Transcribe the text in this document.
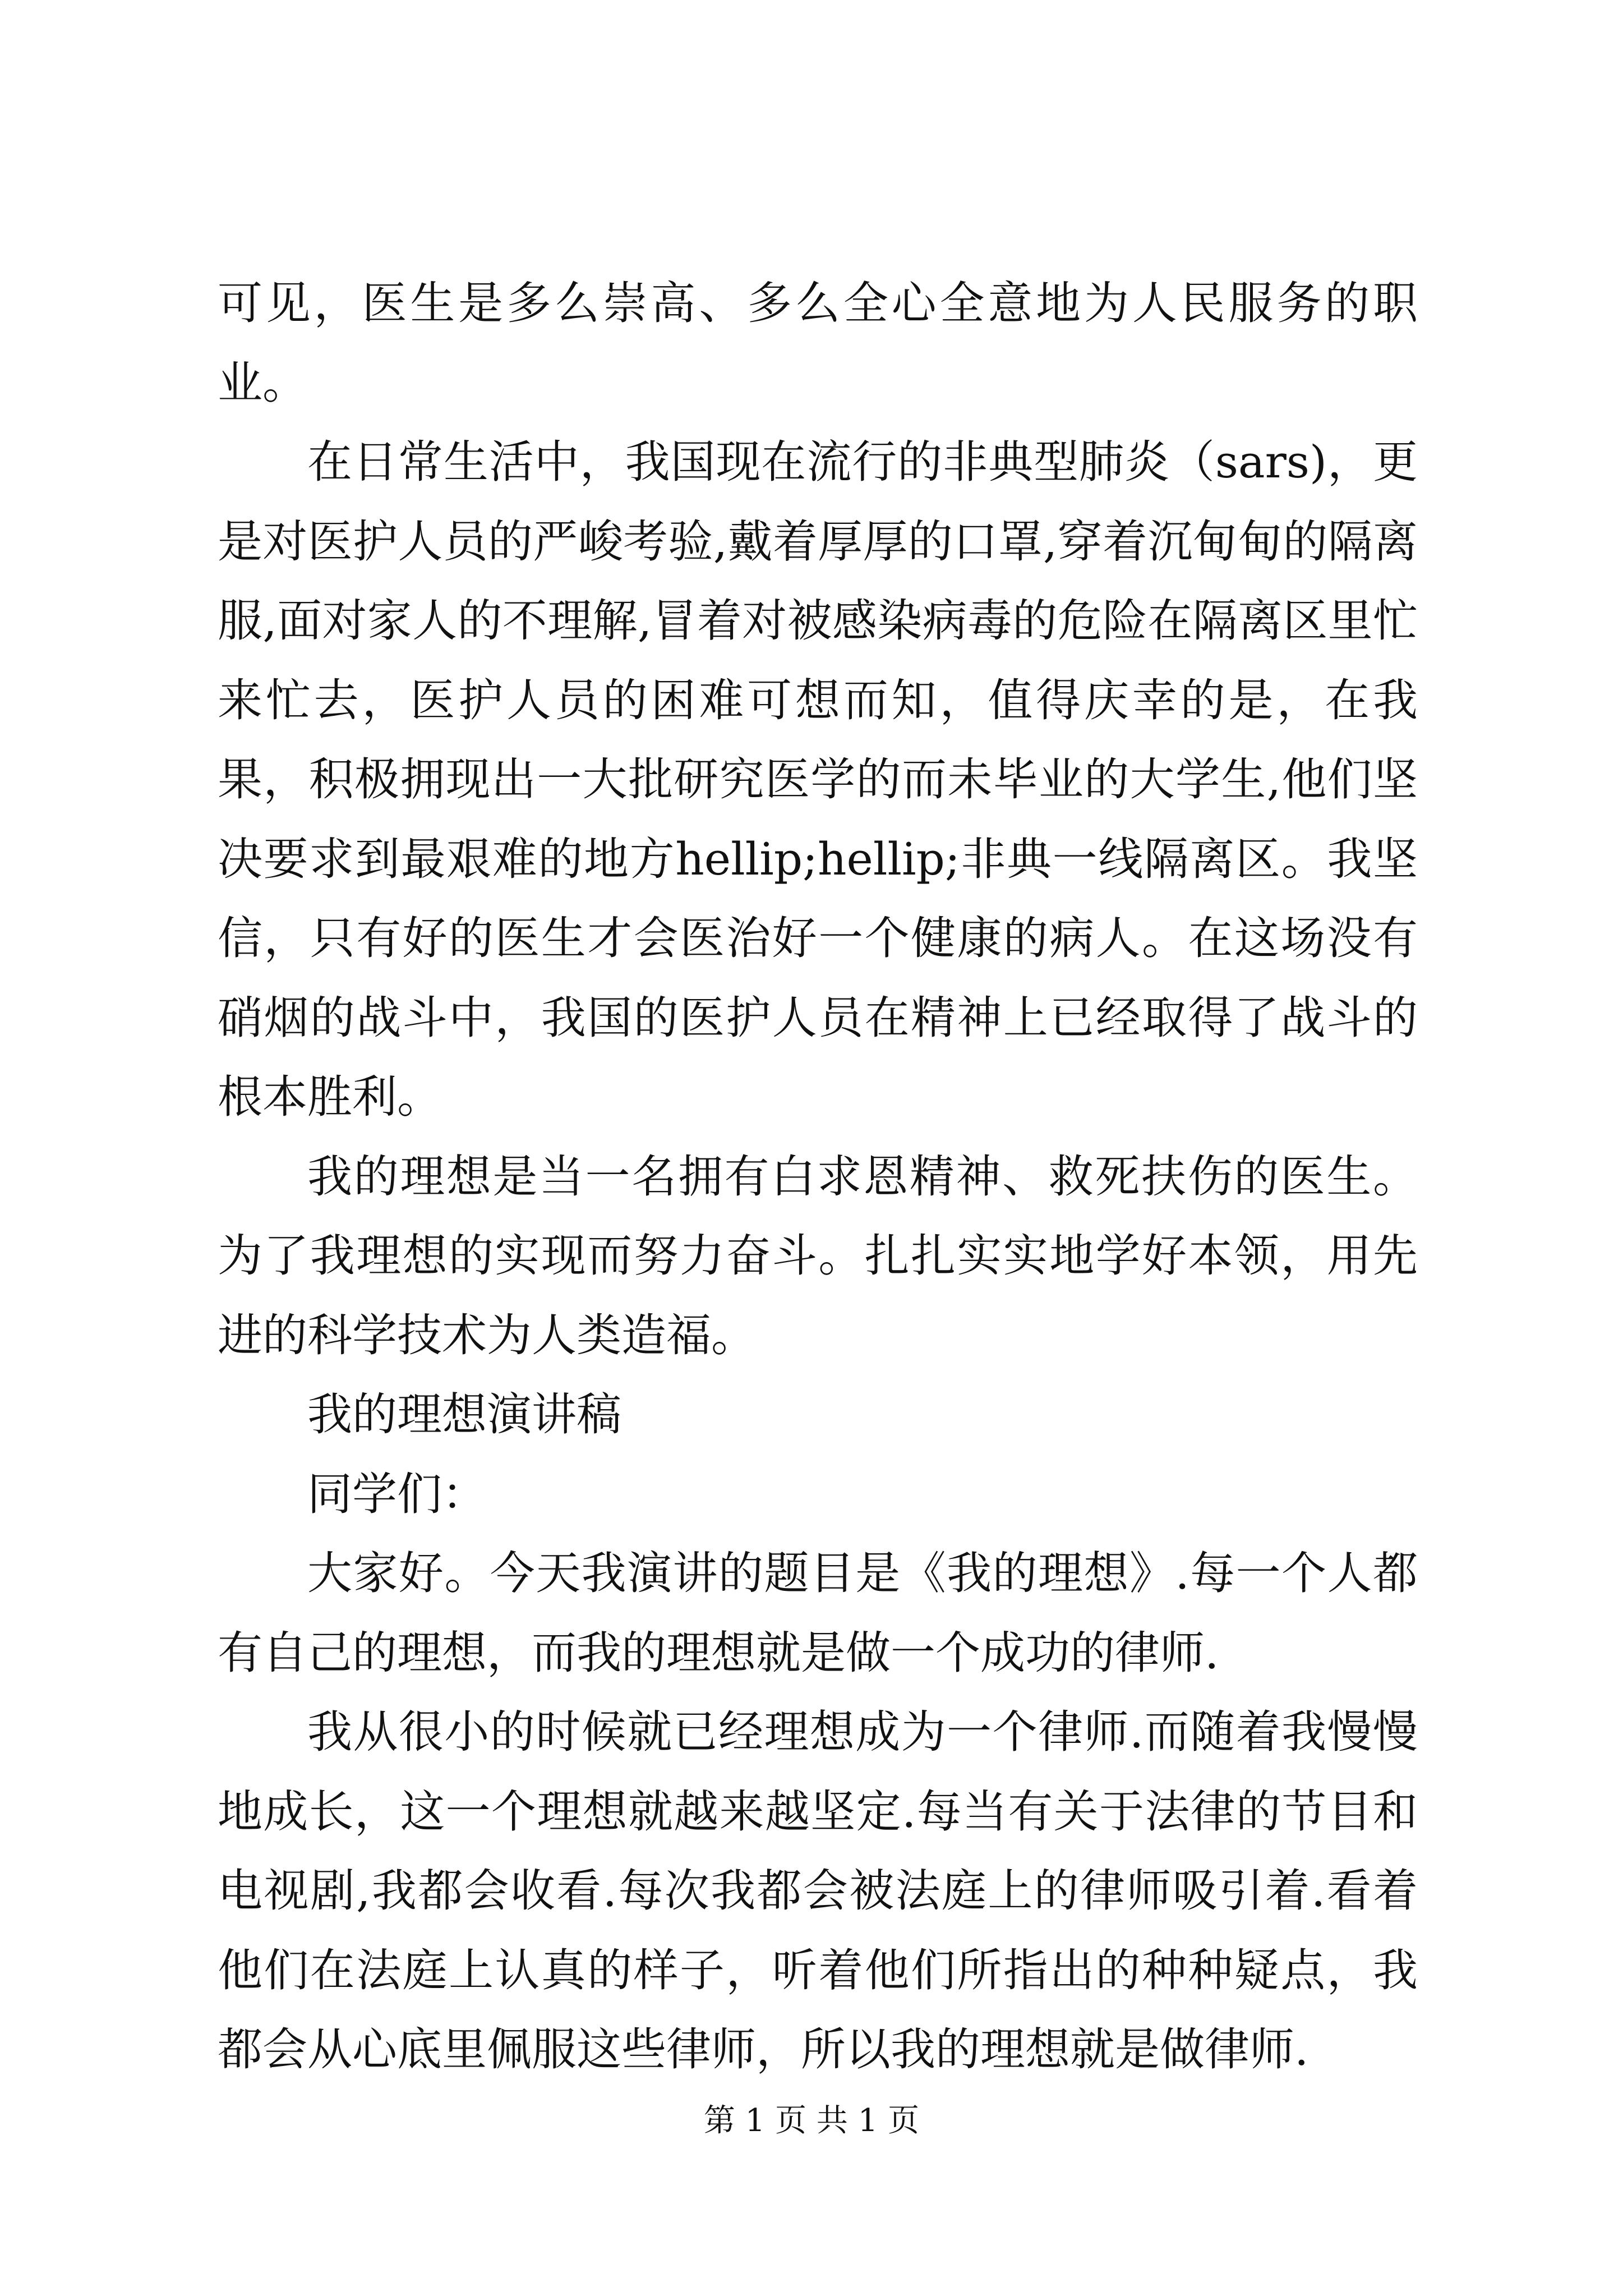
可见，医生是多么崇高、多么全心全意地为人民服务的职业。

在日常生活中，我国现在流行的非典型肺炎（sars)，更是对医护人员的严峻考验,戴着厚厚的口罩,穿着沉甸甸的隔离服,面对家人的不理解,冒着对被感染病毒的危险在隔离区里忙来忙去，医护人员的困难可想而知，值得庆幸的是，在我果，积极拥现出一大批研究医学的而未毕业的大学生,他们坚决要求到最艰难的地方hellip;hellip;非典一线隔离区。我坚信，只有好的医生才会医治好一个健康的病人。在这场没有硝烟的战斗中，我国的医护人员在精神上已经取得了战斗的根本胜利。

我的理想是当一名拥有白求恩精神、救死扶伤的医生。为了我理想的实现而努力奋斗。扎扎实实地学好本领，用先进的科学技术为人类造福。

我的理想演讲稿

同学们：

大家好。今天我演讲的题目是《我的理想》.每一个人都有自己的理想，而我的理想就是做一个成功的律师.

我从很小的时候就已经理想成为一个律师.而随着我慢慢地成长，这一个理想就越来越坚定.每当有关于法律的节目和电视剧,我都会收看.每次我都会被法庭上的律师吸引着.看着他们在法庭上认真的样子，听着他们所指出的种种疑点，我都会从心底里佩服这些律师，所以我的理想就是做律师.

第 1 页 共 1 页
